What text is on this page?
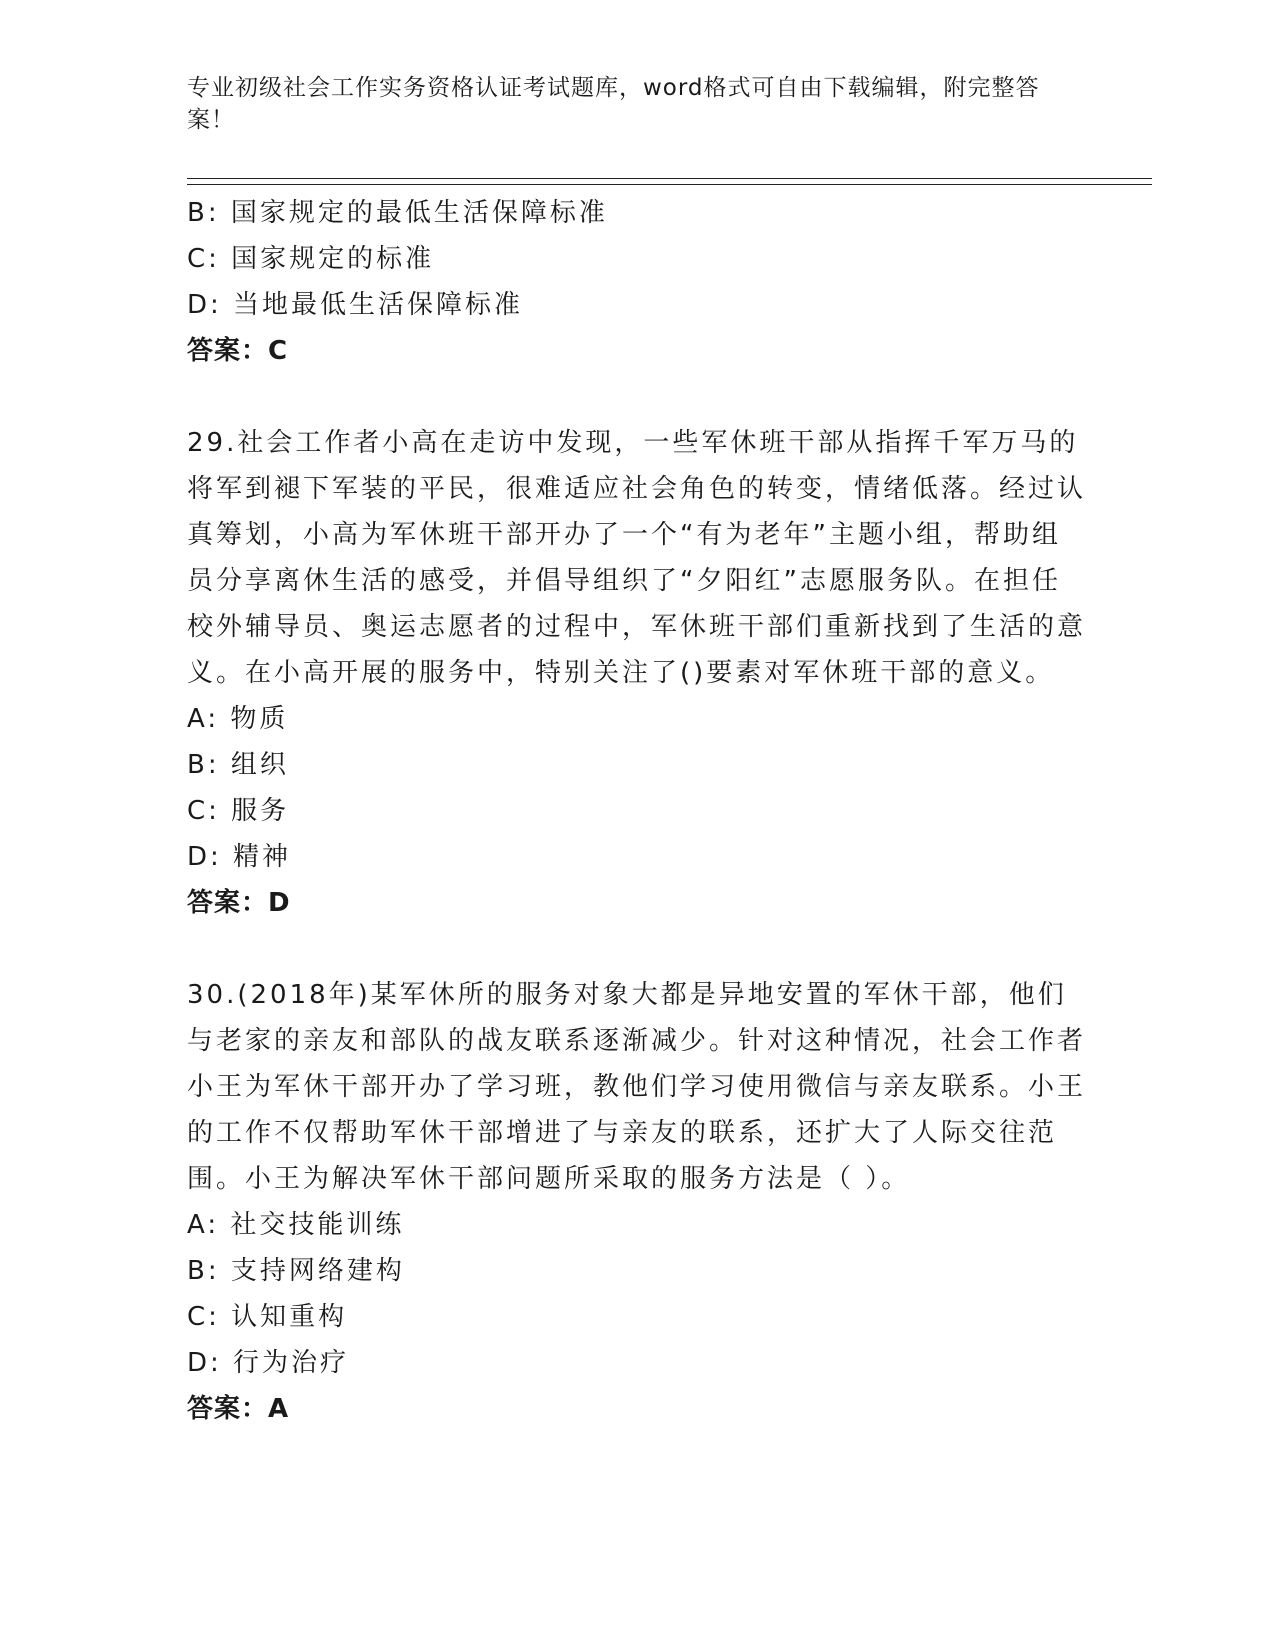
专业初级社会工作实务资格认证考试题库，word格式可自由下载编辑，附完整答案！
B: 国家规定的最低生活保障标准
C: 国家规定的标准
D: 当地最低生活保障标准
答案：C
29.社会工作者小高在走访中发现，一些军休班干部从指挥千军万马的将军到褪下军装的平民，很难适应社会角色的转变，情绪低落。经过认真筹划，小高为军休班干部开办了一个“有为老年”主题小组，帮助组员分享离休生活的感受，并倡导组织了“夕阳红”志愿服务队。在担任校外辅导员、奥运志愿者的过程中，军休班干部们重新找到了生活的意义。在小高开展的服务中，特别关注了()要素对军休班干部的意义。
A: 物质
B: 组织
C: 服务
D: 精神
答案：D
30.(2018年)某军休所的服务对象大都是异地安置的军休干部，他们与老家的亲友和部队的战友联系逐渐减少。针对这种情况，社会工作者小王为军休干部开办了学习班，教他们学习使用微信与亲友联系。小王的工作不仅帮助军休干部增进了与亲友的联系，还扩大了人际交往范围。小王为解决军休干部问题所采取的服务方法是（ ）。
A: 社交技能训练
B: 支持网络建构
C: 认知重构
D: 行为治疗
答案：A
